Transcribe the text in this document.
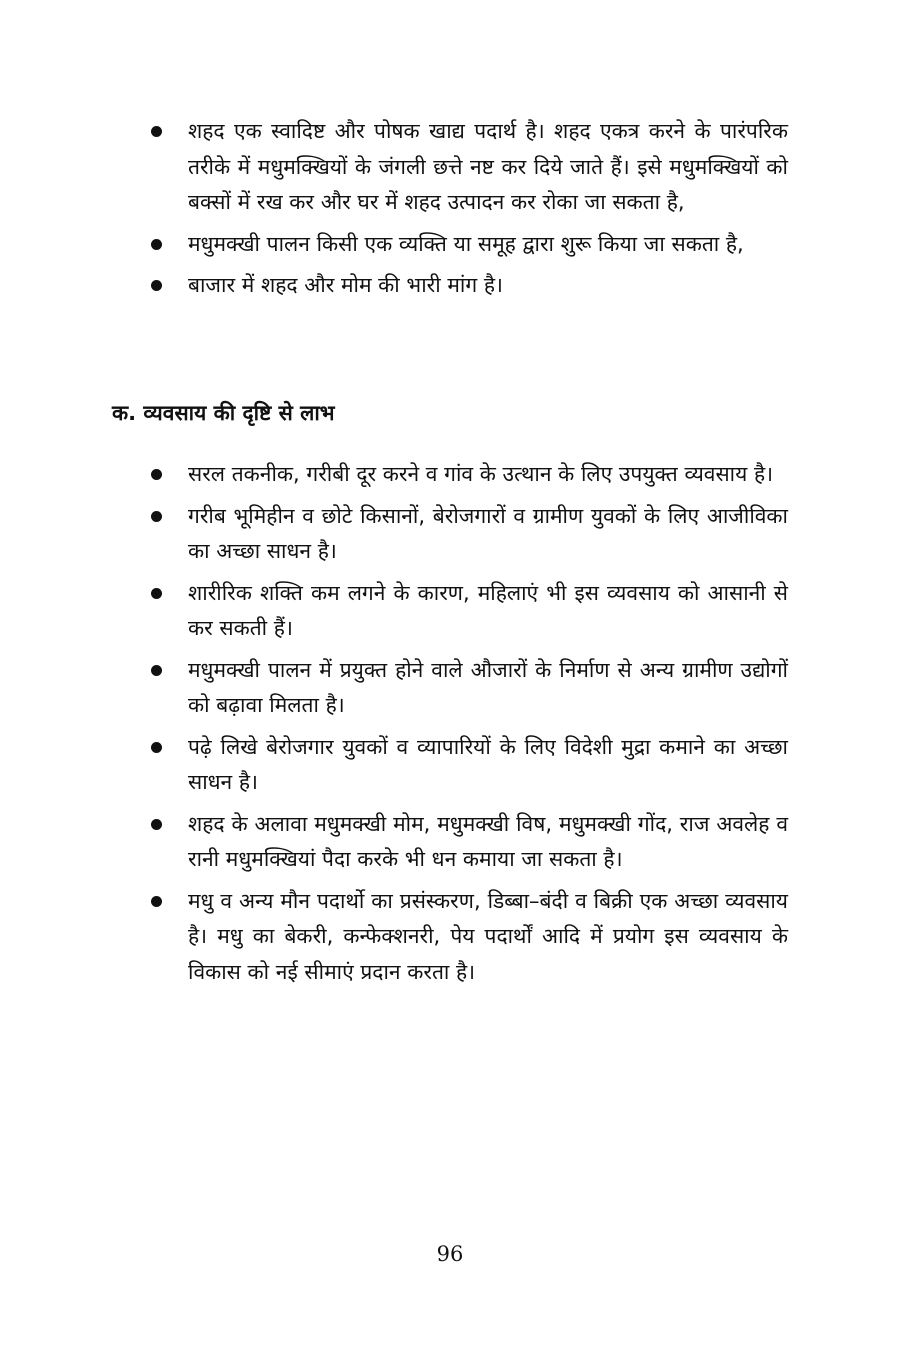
शहद एक स्वादिष्ट और पोषक खाद्य पदार्थ है। शहद एकत्र करने के पारंपरिक तरीके में मधुमक्खियों के जंगली छत्ते नष्ट कर दिये जाते हैं। इसे मधुमक्खियों को बक्सों में रख कर और घर में शहद उत्पादन कर रोका जा सकता है,
मधुमक्खी पालन किसी एक व्यक्ति या समूह द्वारा शुरू किया जा सकता है,
बाजार में शहद और मोम की भारी मांग है।
क. व्यवसाय की दृष्टि से लाभ
सरल तकनीक, गरीबी दूर करने व गांव के उत्थान के लिए उपयुक्त व्यवसाय है।
गरीब भूमिहीन व छोटे किसानों, बेरोजगारों व ग्रामीण युवकों के लिए आजीविका का अच्छा साधन है।
शारीरिक शक्ति कम लगने के कारण, महिलाएं भी इस व्यवसाय को आसानी से कर सकती हैं।
मधुमक्खी पालन में प्रयुक्त होने वाले औजारों के निर्माण से अन्य ग्रामीण उद्योगों को बढ़ावा मिलता है।
पढ़े लिखे बेरोजगार युवकों व व्यापारियों के लिए विदेशी मुद्रा कमाने का अच्छा साधन है।
शहद के अलावा मधुमक्खी मोम, मधुमक्खी विष, मधुमक्खी गोंद, राज अवलेह व रानी मधुमक्खियां पैदा करके भी धन कमाया जा सकता है।
मधु व अन्य मौन पदार्थो का प्रसंस्करण, डिब्बा–बंदी व बिक्री एक अच्छा व्यवसाय है। मधु का बेकरी, कन्फेक्शनरी, पेय पदार्थों आदि में प्रयोग इस व्यवसाय के विकास को नई सीमाएं प्रदान करता है।
96
